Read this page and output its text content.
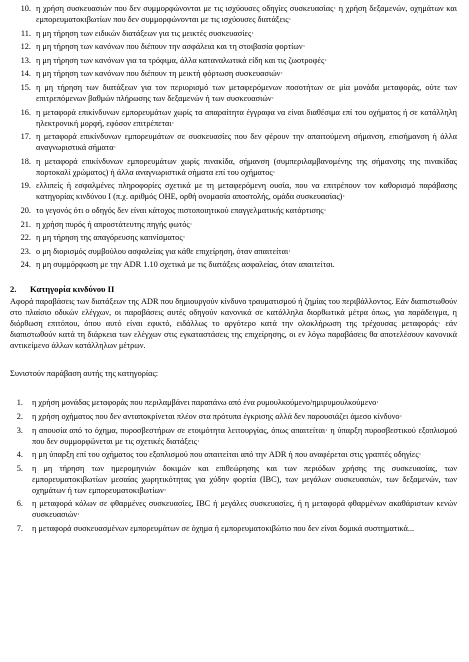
10. η χρήση συσκευασιών που δεν συμμορφώνονται με τις ισχύουσες οδηγίες συσκευασίας· η χρήση δεξαμενών, οχημάτων και εμπορευματοκιβωτίων που δεν συμμορφώνονται με τις ισχύουσες διατάξεις·
11. η μη τήρηση των ειδικών διατάξεων για τις μεικτές συσκευασίες·
12. η μη τήρηση των κανόνων που διέπουν την ασφάλεια και τη στοιβασία φορτίων·
13. η μη τήρηση των κανόνων για τα τρόφιμα, άλλα καταναλωτικά είδη και τις ζωοτροφές·
14. η μη τήρηση των κανόνων που διέπουν τη μεικτή φόρτωση συσκευασιών·
15. η μη τήρηση των διατάξεων για τον περιορισμό των μεταφερόμενων ποσοτήτων σε μία μονάδα μεταφοράς, ούτε των επιτρεπόμενων βαθμών πλήρωσης των δεξαμενών ή των συσκευασιών·
16. η μεταφορά επικίνδυνων εμπορευμάτων χωρίς τα απαραίτητα έγγραφα να είναι διαθέσιμα επί του οχήματος ή σε κατάλληλη ηλεκτρονική μορφή, εφόσον επιτρέπεται·
17. η μεταφορά επικίνδυνων εμπορευμάτων σε συσκευασίες που δεν φέρουν την απαιτούμενη σήμανση, επισήμανση ή άλλα αναγνωριστικά σήματα·
18. η μεταφορά επικίνδυνων εμπορευμάτων χωρίς πινακίδα, σήμανση (συμπεριλαμβανομένης της σήμανσης της πινακίδας πορτοκαλί χρώματος) ή άλλα αναγνωριστικά σήματα επί του οχήματος·
19. ελλιπείς ή εσφαλμένες πληροφορίες σχετικά με τη μεταφερόμενη ουσία, που να επιτρέπουν τον καθορισμό παράβασης κατηγορίας κινδύνου I (π.χ. αριθμός ΟΗΕ, ορθή ονομασία αποστολής, ομάδα συσκευασίας)·
20. το γεγονός ότι ο οδηγός δεν είναι κάτοχος πιστοποιητικού επαγγελματικής κατάρτισης·
21. η χρήση πυρός ή απροστάτευτης πηγής φωτός·
22. η μη τήρηση της απαγόρευσης καπνίσματος·
23. ο μη διορισμός συμβούλου ασφαλείας για κάθε επιχείρηση, όταν απαιτείται·
24. η μη συμμόρφωση με την ADR 1.10 σχετικά με τις διατάξεις ασφαλείας, όταν απαιτείται.
2.	Κατηγορία κινδύνου II

Αφορά παραβάσεις των διατάξεων της ADR που δημιουργούν κίνδυνο τραυματισμού ή ζημίας του περιβάλλοντος. Εάν διαπιστωθούν στο πλαίσιο οδικών ελέγχων, οι παραβάσεις αυτές οδηγούν κανονικά σε κατάλληλα διορθωτικά μέτρα όπως, για παράδειγμα, η διόρθωση επιτόπου, όπου αυτό είναι εφικτό, ειδάλλως το αργότερο κατά την ολοκλήρωση της τρέχουσας μεταφοράς· εάν διαπιστωθούν κατά τη διάρκεια των ελέγχων στις εγκαταστάσεις της επιχείρησης, οι εν λόγω παραβάσεις θα αποτελέσουν κανονικά αντικείμενο άλλων κατάλληλων μέτρων.

Συνιστούν παράβαση αυτής της κατηγορίας:

1.	η χρήση μονάδας μεταφοράς που περιλαμβάνει παραπάνω από ένα ρυμουλκούμενο/ημιρυμουλκούμενο·
2.	η χρήση οχήματος που δεν ανταποκρίνεται πλέον στα πρότυπα έγκρισης αλλά δεν παρουσιάζει άμεσο κίνδυνο·
3.	η απουσία από το όχημα, πυροσβεστήρων σε ετοιμότητα λειτουργίας, όπως απαιτείται· η ύπαρξη πυροσβεστικού εξοπλισμού που δεν συμμορφώνεται με τις σχετικές διατάξεις·
4.	η μη ύπαρξη επί του οχήματος του εξοπλισμού που απαιτείται από την ADR ή που αναφέρεται στις γραπτές οδηγίες·
5.	η μη τήρηση των ημερομηνιών δοκιμών και επιθεώρησης και των περιόδων χρήσης της συσκευασίας, των εμπορευματοκιβωτίων μεσαίας χωρητικότητας για χύδην φορτία (IBC), των μεγάλων συσκευασιών, των δεξαμενών, των οχημάτων ή των εμπορευματοκιβωτίων·
6.	η μεταφορά κόλων σε φθαρμένες συσκευασίες, IBC ή μεγάλες συσκευασίες, ή η μεταφορά φθαρμένων ακαθάριστων κενών συσκευασιών·
7.	η μεταφορά συσκευασμένων εμπορευμάτων σε όχημα ή εμπορευματοκιβώτιο που δεν είναι δομικά συστηματικά...
